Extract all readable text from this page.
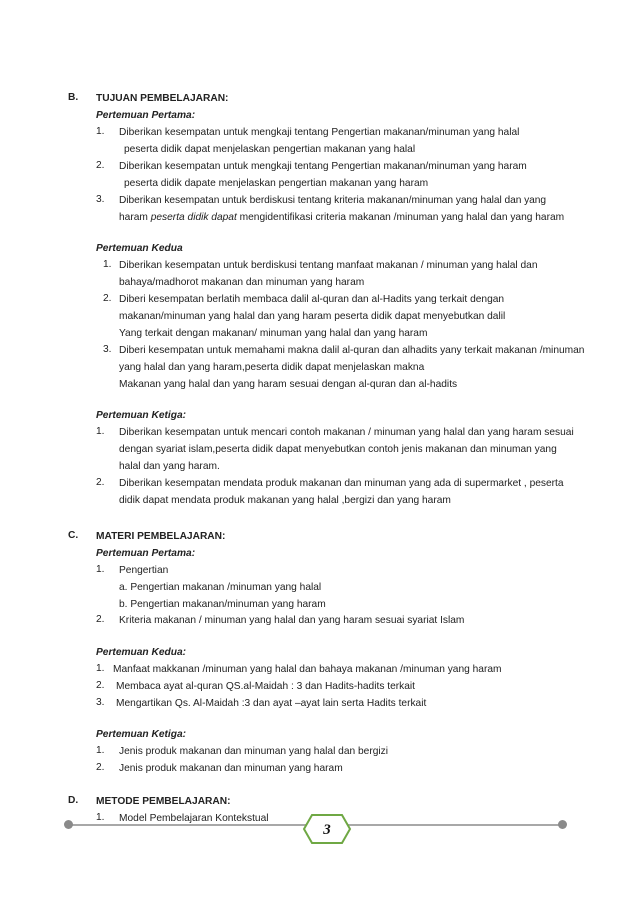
B. TUJUAN PEMBELAJARAN:
Pertemuan Pertama:
1. Diberikan kesempatan untuk mengkaji tentang Pengertian makanan/minuman yang halal
peserta didik dapat menjelaskan pengertian makanan yang halal
2. Diberikan kesempatan untuk mengkaji tentang Pengertian makanan/minuman yang haram
peserta didik dapate menjelaskan pengertian makanan yang haram
3. Diberikan kesempatan untuk berdiskusi tentang kriteria makanan/minuman yang halal dan yang
haram peserta didik dapat mengidentifikasi criteria makanan /minuman yang halal dan yang haram
Pertemuan Kedua
1. Diberikan kesempatan untuk berdiskusi tentang manfaat makanan / minuman yang halal dan
bahaya/madhorot makanan dan minuman yang haram
2. Diberi kesempatan berlatih membaca dalil al-quran dan al-Hadits yang terkait dengan
makanan/minuman yang halal dan yang haram peserta didik dapat menyebutkan dalil
Yang terkait dengan makanan/ minuman yang halal dan yang haram
3. Diberi kesempatan untuk memahami makna dalil al-quran dan alhadits yany terkait makanan /minuman
yang halal dan yang haram,peserta didik dapat menjelaskan makna
Makanan yang halal dan yang haram sesuai dengan al-quran dan al-hadits
Pertemuan Ketiga:
1. Diberikan kesempatan untuk mencari contoh makanan / minuman yang halal dan yang haram sesuai
dengan syariat islam,peserta didik dapat menyebutkan contoh jenis makanan dan minuman yang
halal dan yang haram.
2. Diberikan kesempatan mendata produk makanan dan minuman yang ada di supermarket , peserta
didik dapat mendata produk makanan yang halal ,bergizi dan yang haram
C. MATERI PEMBELAJARAN:
Pertemuan Pertama:
1. Pengertian
a. Pengertian makanan /minuman yang halal
b. Pengertian makanan/minuman yang haram
2. Kriteria makanan / minuman yang halal dan yang haram sesuai syariat Islam
Pertemuan Kedua:
1. Manfaat makkanan /minuman yang halal dan bahaya makanan /minuman yang haram
2. Membaca ayat al-quran QS.al-Maidah : 3 dan Hadits-hadits terkait
3. Mengartikan Qs. Al-Maidah :3 dan ayat –ayat lain serta Hadits terkait
Pertemuan Ketiga:
1. Jenis produk makanan dan minuman yang halal dan bergizi
2. Jenis produk makanan dan minuman yang haram
D. METODE PEMBELAJARAN:
1. Model Pembelajaran Kontekstual
3
